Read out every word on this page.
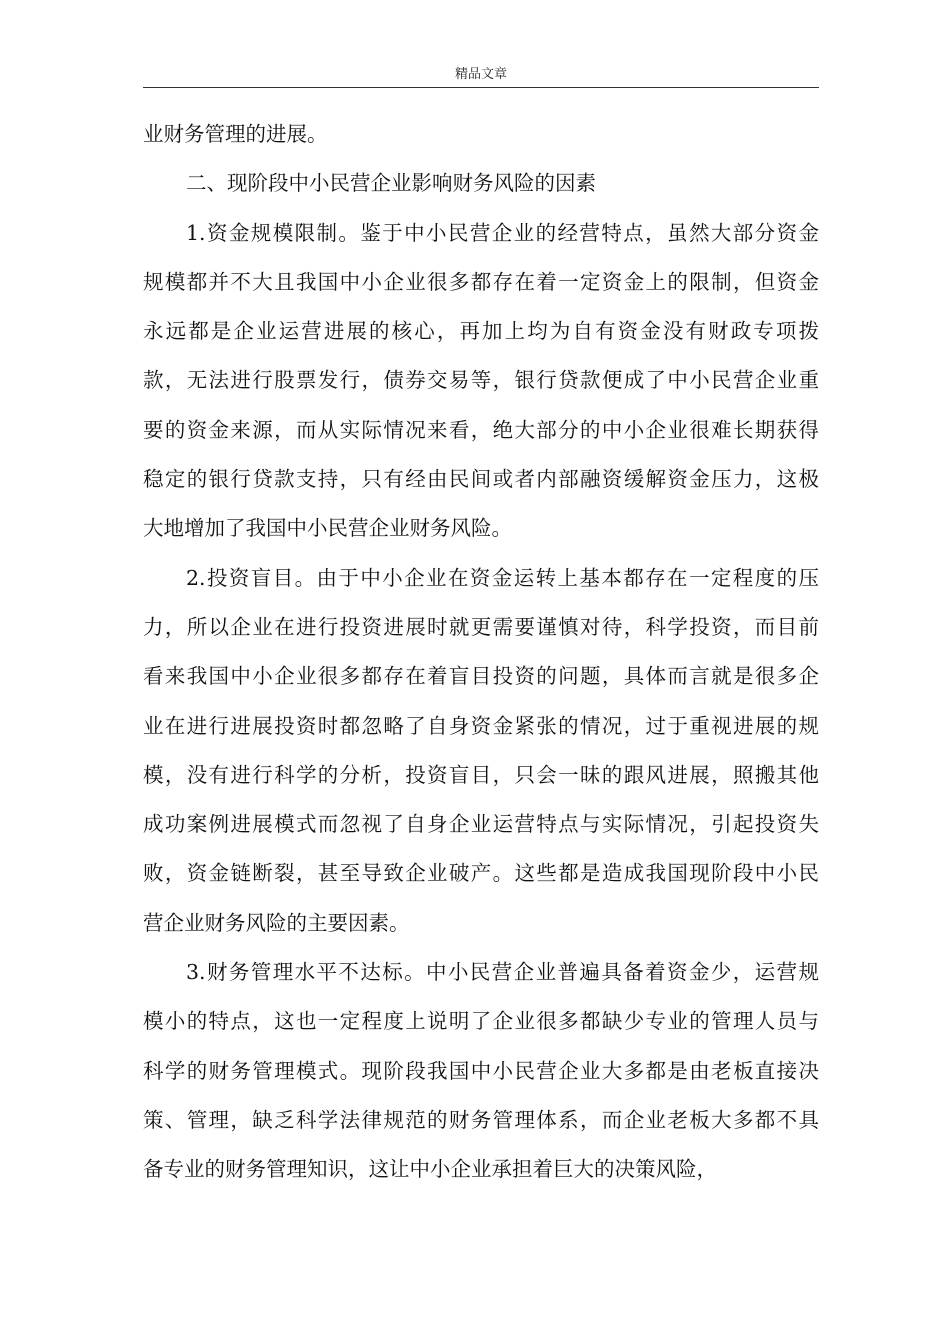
精品文章
业财务管理的进展。
二、现阶段中小民营企业影响财务风险的因素
1.资金规模限制。鉴于中小民营企业的经营特点，虽然大部分资金
规模都并不大且我国中小企业很多都存在着一定资金上的限制，但资金
永远都是企业运营进展的核心，再加上均为自有资金没有财政专项拨
款，无法进行股票发行，债券交易等，银行贷款便成了中小民营企业重
要的资金来源，而从实际情况来看，绝大部分的中小企业很难长期获得
稳定的银行贷款支持，只有经由民间或者内部融资缓解资金压力，这极
大地增加了我国中小民营企业财务风险。
2.投资盲目。由于中小企业在资金运转上基本都存在一定程度的压
力，所以企业在进行投资进展时就更需要谨慎对待，科学投资，而目前
看来我国中小企业很多都存在着盲目投资的问题，具体而言就是很多企
业在进行进展投资时都忽略了自身资金紧张的情况，过于重视进展的规
模，没有进行科学的分析，投资盲目，只会一昧的跟风进展，照搬其他
成功案例进展模式而忽视了自身企业运营特点与实际情况，引起投资失
败，资金链断裂，甚至导致企业破产。这些都是造成我国现阶段中小民
营企业财务风险的主要因素。
3.财务管理水平不达标。中小民营企业普遍具备着资金少，运营规
模小的特点，这也一定程度上说明了企业很多都缺少专业的管理人员与
科学的财务管理模式。现阶段我国中小民营企业大多都是由老板直接决
策、管理，缺乏科学法律规范的财务管理体系，而企业老板大多都不具
备专业的财务管理知识，这让中小企业承担着巨大的决策风险，
